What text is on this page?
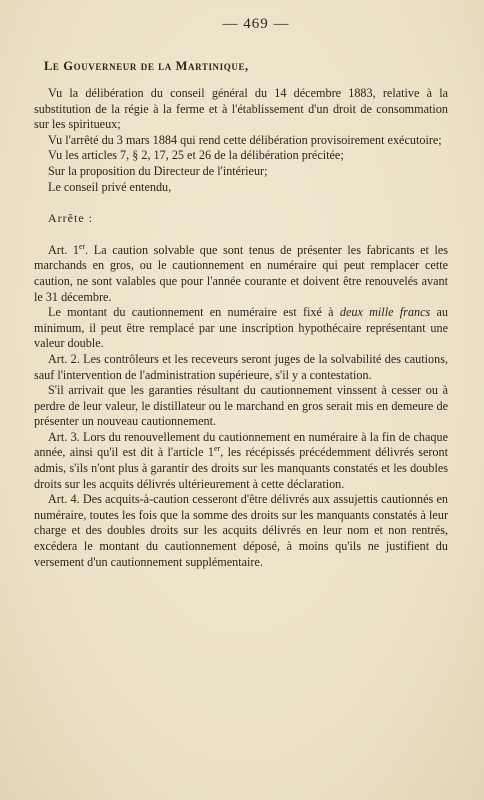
— 469 —
Le Gouverneur de la Martinique,

Vu la délibération du conseil général du 14 décembre 1883, relative à la substitution de la régie à la ferme et à l'établissement d'un droit de consommation sur les spiritueux;

Vu l'arrêté du 3 mars 1884 qui rend cette délibération provisoirement exécutoire;

Vu les articles 7, § 2, 17, 25 et 26 de la délibération précitée;

Sur la proposition du Directeur de l'intérieur;

Le conseil privé entendu,

Arrête :

Art. 1er. La caution solvable que sont tenus de présenter les fabricants et les marchands en gros, ou le cautionnement en numéraire qui peut remplacer cette caution, ne sont valables que pour l'année courante et doivent être renouvelés avant le 31 décembre.

Le montant du cautionnement en numéraire est fixé à deux mille francs au minimum, il peut être remplacé par une inscription hypothécaire représentant une valeur double.

Art. 2. Les contrôleurs et les receveurs seront juges de la solvabilité des cautions, sauf l'intervention de l'administration supérieure, s'il y a contestation.

S'il arrivait que les garanties résultant du cautionnement vinssent à cesser ou à perdre de leur valeur, le distillateur ou le marchand en gros serait mis en demeure de présenter un nouveau cautionnement.

Art. 3. Lors du renouvellement du cautionnement en numéraire à la fin de chaque année, ainsi qu'il est dit à l'article 1er, les récépissés précédemment délivrés seront admis, s'ils n'ont plus à garantir des droits sur les manquants constatés et les doubles droits sur les acquits délivrés ultérieurement à cette déclaration.

Art. 4. Des acquits-à-caution cesseront d'être délivrés aux assujettis cautionnés en numéraire, toutes les fois que la somme des droits sur les manquants constatés à leur charge et des doubles droits sur les acquits délivrés en leur nom et non rentrés, excédera le montant du cautionnement déposé, à moins qu'ils ne justifient du versement d'un cautionnement supplémentaire.
